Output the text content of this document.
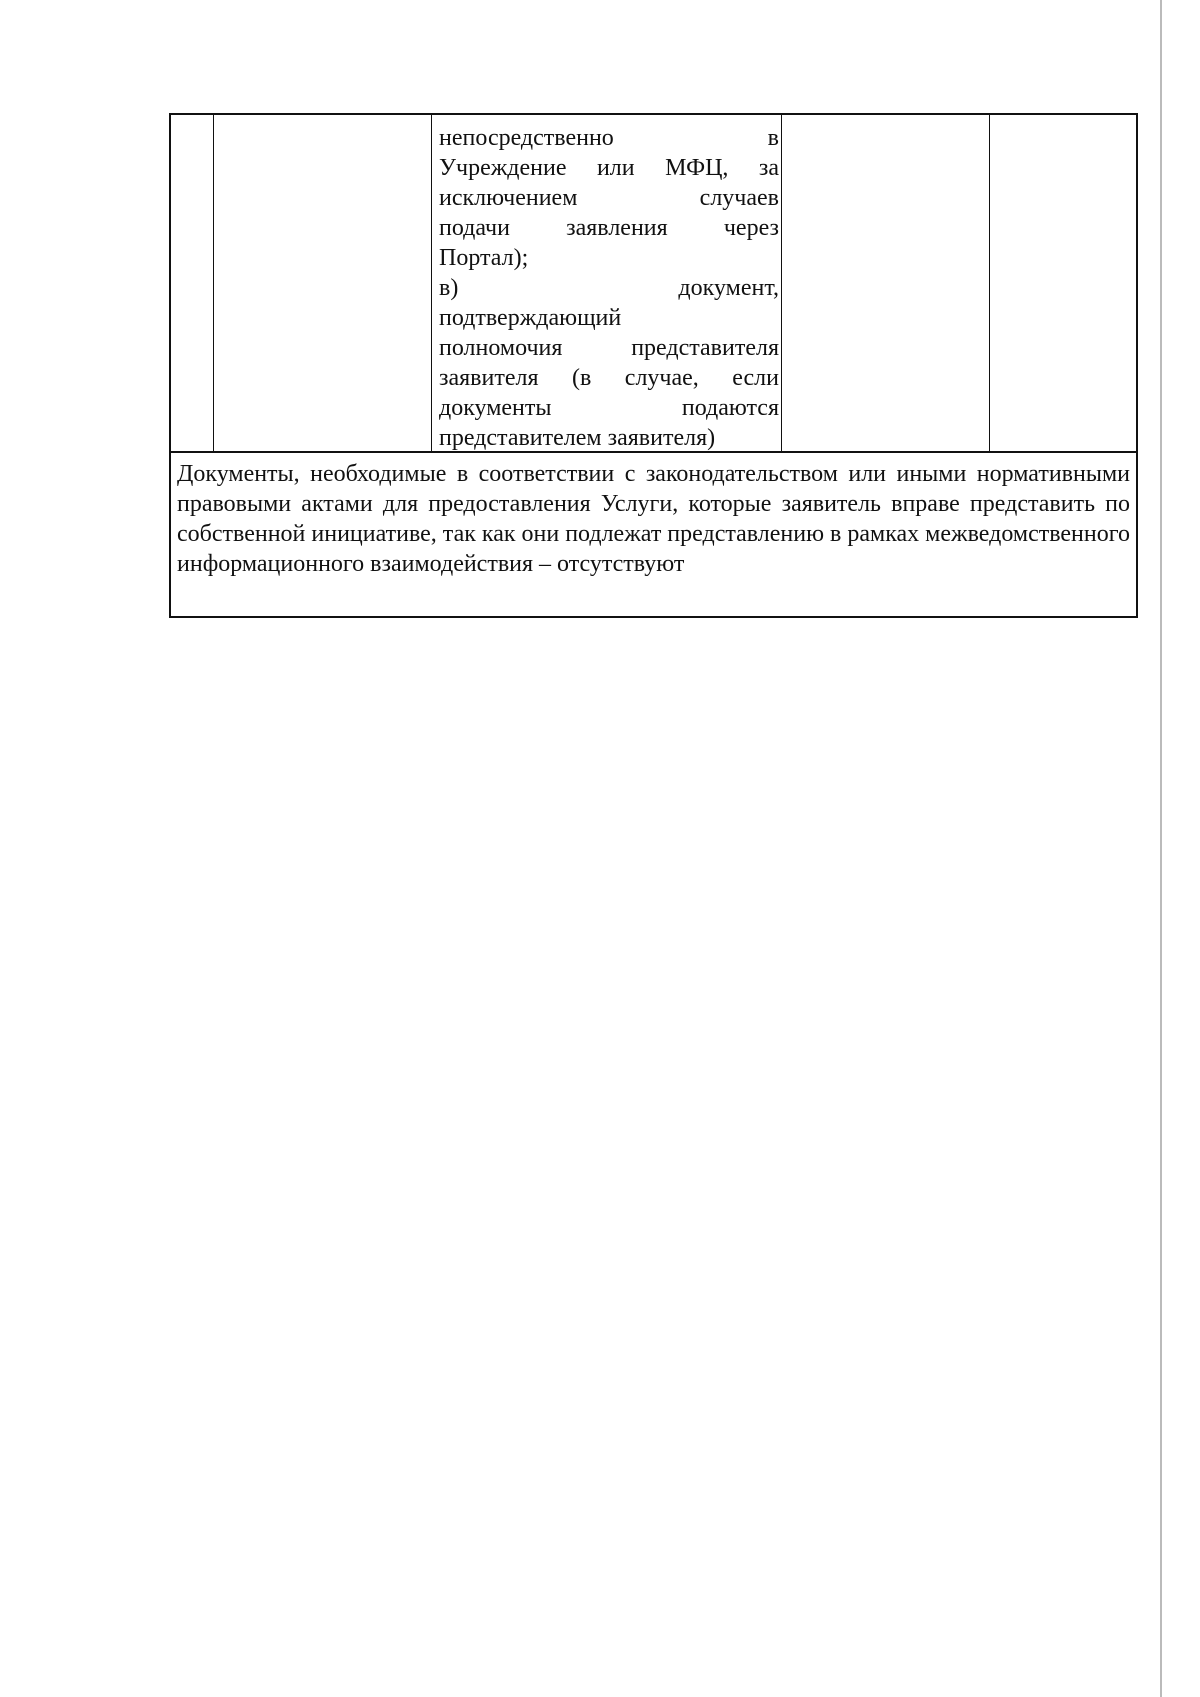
непосредственно в

Учреждение или МФЦ, за

исключением случаев

подачи заявления через

Портал);

в) документ,

подтверждающий

полномочия представителя

заявителя (в случае, если

документы подаются

представителем заявителя)

Документы, необходимые в соответствии с законодательством или иными нормативными правовыми актами для предоставления Услуги, которые заявитель вправе представить по собственной инициативе, так как они подлежат представлению в рамках межведомственного информационного взаимодействия – отсутствуют
